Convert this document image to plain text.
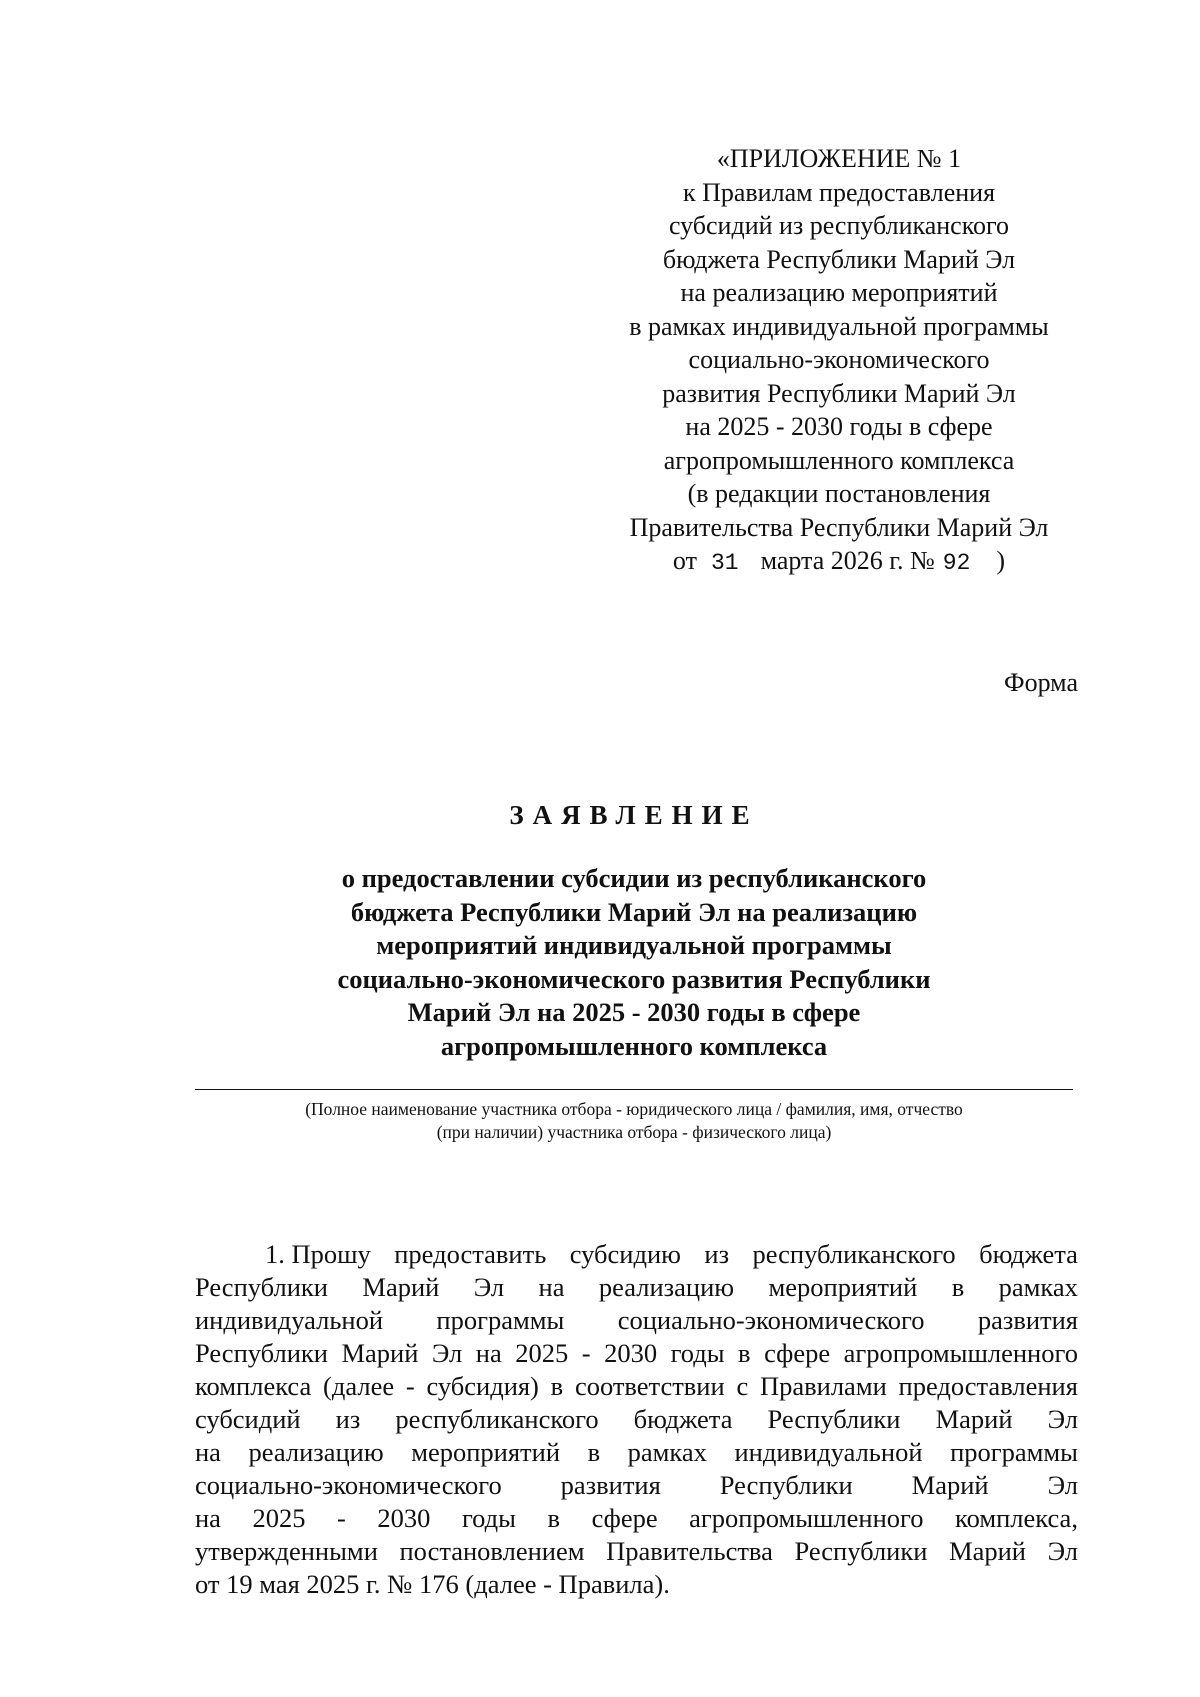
«ПРИЛОЖЕНИЕ № 1
к Правилам предоставления
субсидий из республиканского
бюджета Республики Марий Эл
на реализацию мероприятий
в рамках индивидуальной программы
социально-экономического
развития Республики Марий Эл
на 2025 - 2030 годы в сфере
агропромышленного комплекса
(в редакции постановления
Правительства Республики Марий Эл
от 31 марта 2026 г. № 92 )
Форма
ЗАЯВЛЕНИЕ
о предоставлении субсидии из республиканского
бюджета Республики Марий Эл на реализацию
мероприятий индивидуальной программы
социально-экономического развития Республики
Марий Эл на 2025 - 2030 годы в сфере
агропромышленного комплекса
(Полное наименование участника отбора - юридического лица / фамилия, имя, отчество
(при наличии) участника отбора - физического лица)
1. Прошу предоставить субсидию из республиканского бюджета
Республики Марий Эл на реализацию мероприятий в рамках
индивидуальной программы социально-экономического развития
Республики Марий Эл на 2025 - 2030 годы в сфере агропромышленного
комплекса (далее - субсидия) в соответствии с Правилами предоставления
субсидий из республиканского бюджета Республики Марий Эл
на реализацию мероприятий в рамках индивидуальной программы
социально-экономического развития Республики Марий Эл
на 2025 - 2030 годы в сфере агропромышленного комплекса,
утвержденными постановлением Правительства Республики Марий Эл
от 19 мая 2025 г. № 176 (далее - Правила).
